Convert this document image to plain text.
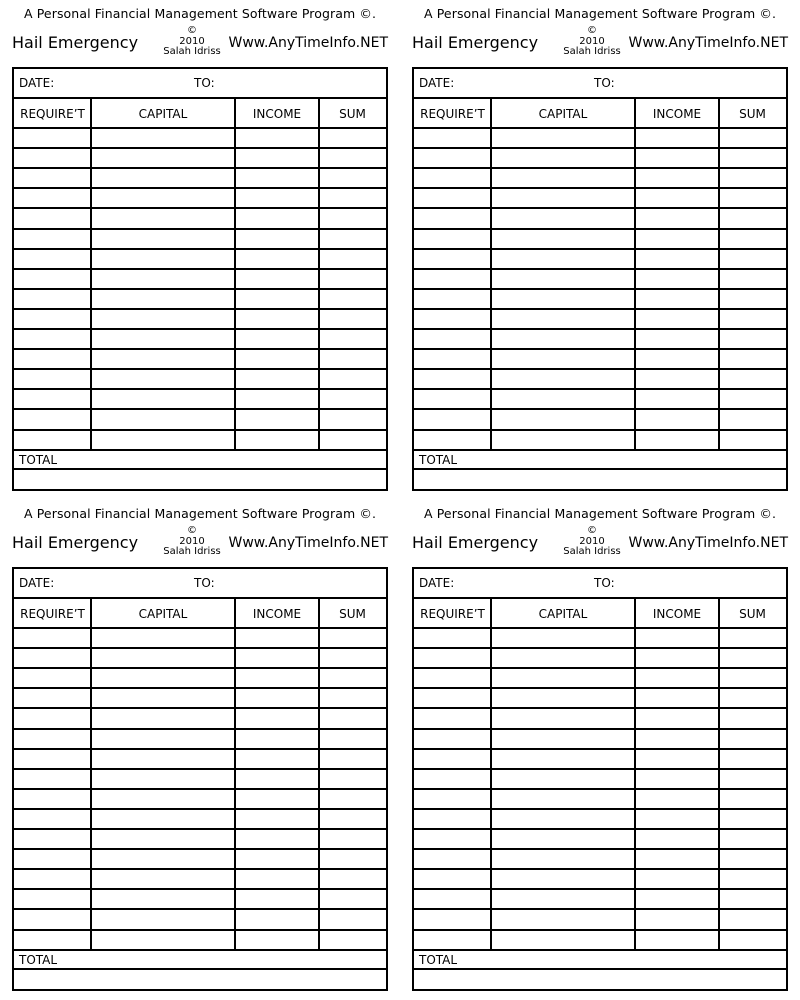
A Personal Financial Management Software Program ©.
Hail Emergency
©
2010
Salah Idriss
Www.AnyTimeInfo.NET
DATE:	TO:
REQUIRE’T	CAPITAL	INCOME	SUM
TOTAL
A Personal Financial Management Software Program ©.
Hail Emergency
©
2010
Salah Idriss
Www.AnyTimeInfo.NET
DATE:	TO:
REQUIRE’T	CAPITAL	INCOME	SUM
TOTAL
A Personal Financial Management Software Program ©.
Hail Emergency
©
2010
Salah Idriss
Www.AnyTimeInfo.NET
DATE:	TO:
REQUIRE’T	CAPITAL	INCOME	SUM
TOTAL
A Personal Financial Management Software Program ©.
Hail Emergency
©
2010
Salah Idriss
Www.AnyTimeInfo.NET
DATE:	TO:
REQUIRE’T	CAPITAL	INCOME	SUM
TOTAL
